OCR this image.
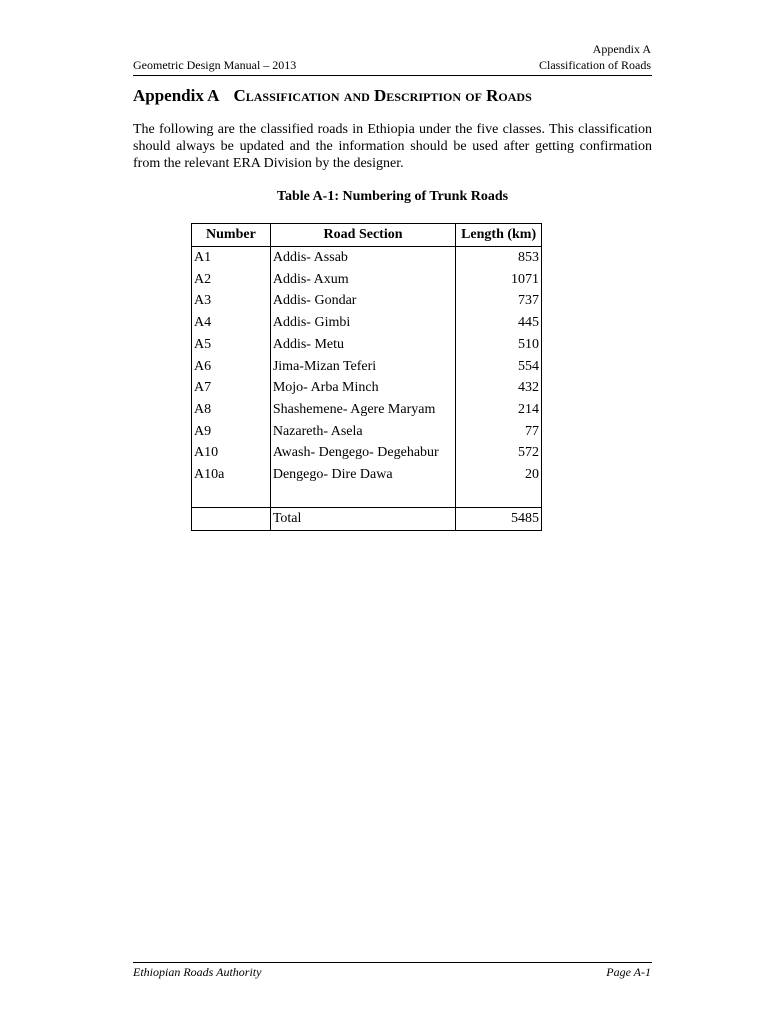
Appendix A
Geometric Design Manual – 2013	Classification of Roads
Appendix A Classification and Description of Roads
The following are the classified roads in Ethiopia under the five classes. This classification should always be updated and the information should be used after getting confirmation from the relevant ERA Division by the designer.
Table A-1: Numbering of Trunk Roads
Number	Road Section	Length (km)
A1	Addis- Assab	853
A2	Addis- Axum	1071
A3	Addis- Gondar	737
A4	Addis- Gimbi	445
A5	Addis- Metu	510
A6	Jima-Mizan Teferi	554
A7	Mojo- Arba Minch	432
A8	Shashemene- Agere Maryam	214
A9	Nazareth- Asela	77
A10	Awash- Dengego- Degehabur	572
A10a	Dengego- Dire Dawa	20

	Total	5485
Ethiopian Roads Authority	Page A-1
